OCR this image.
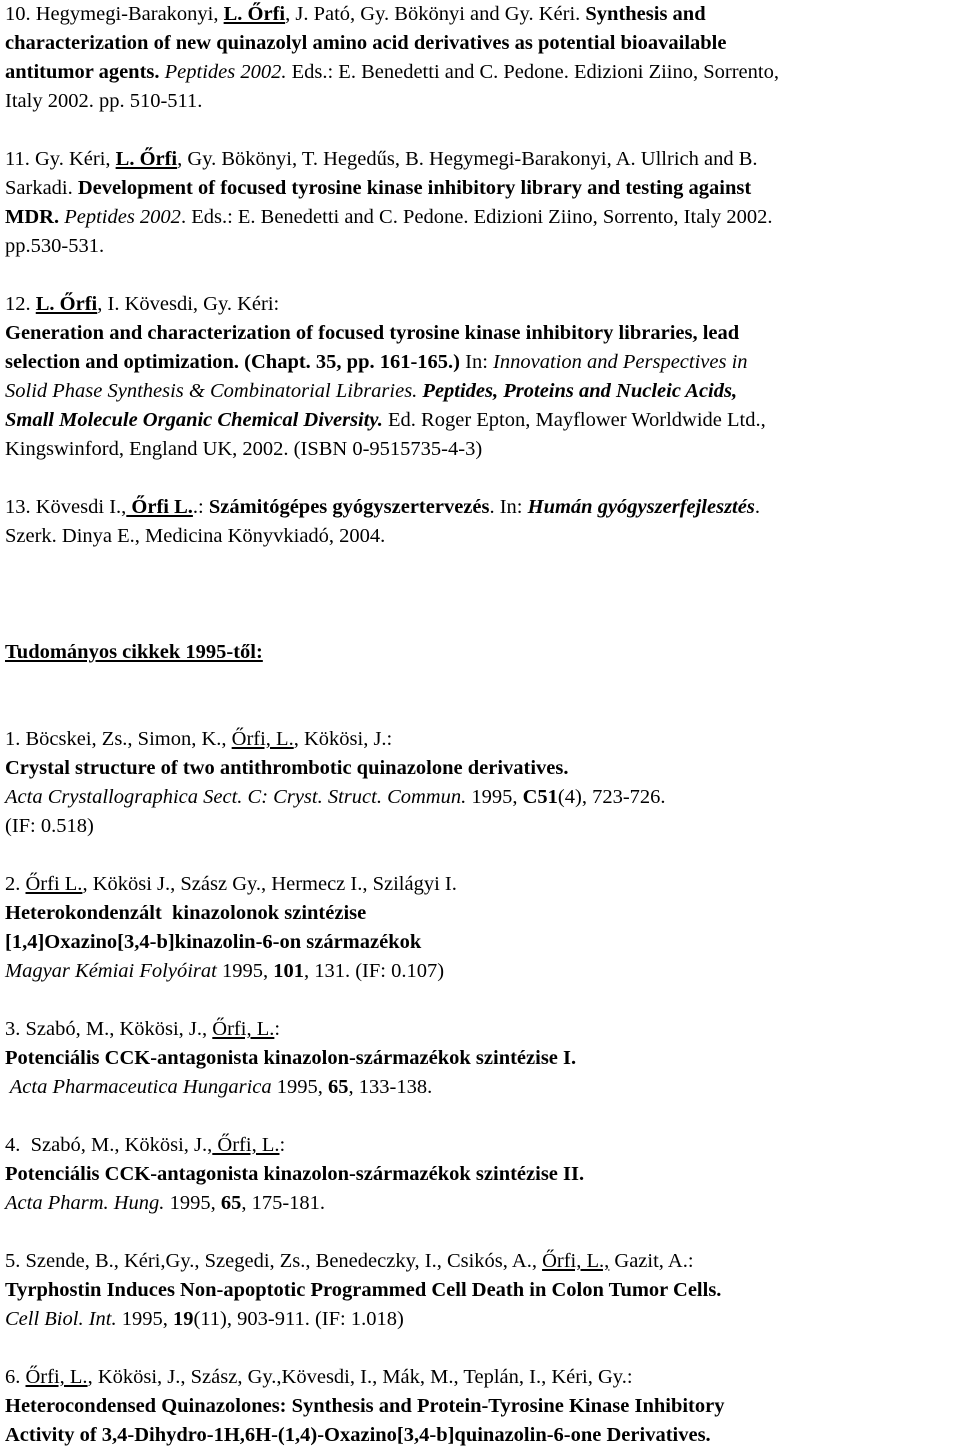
10. Hegymegi-Barakonyi, L. Őrfi, J. Pató, Gy. Bökönyi and Gy. Kéri. Synthesis and
characterization of new quinazolyl amino acid derivatives as potential bioavailable
antitumor agents. Peptides 2002. Eds.: E. Benedetti and C. Pedone. Edizioni Ziino, Sorrento,
Italy 2002. pp. 510-511.
11. Gy. Kéri, L. Őrfi, Gy. Bökönyi, T. Hegedűs, B. Hegymegi-Barakonyi, A. Ullrich and B.
Sarkadi. Development of focused tyrosine kinase inhibitory library and testing against
MDR. Peptides 2002. Eds.: E. Benedetti and C. Pedone. Edizioni Ziino, Sorrento, Italy 2002.
pp.530-531.
12. L. Őrfi, I. Kövesdi, Gy. Kéri:
Generation and characterization of focused tyrosine kinase inhibitory libraries, lead
selection and optimization. (Chapt. 35, pp. 161-165.) In: Innovation and Perspectives in
Solid Phase Synthesis & Combinatorial Libraries. Peptides, Proteins and Nucleic Acids,
Small Molecule Organic Chemical Diversity. Ed. Roger Epton, Mayflower Worldwide Ltd.,
Kingswinford, England UK, 2002. (ISBN 0-9515735-4-3)
13. Kövesdi I., Őrfi L..: Számitógépes gyógyszertervezés. In: Humán gyógyszerfejlesztés.
Szerk. Dinya E., Medicina Könyvkiadó, 2004.
Tudományos cikkek 1995-től:
1. Böcskei, Zs., Simon, K., Őrfi, L., Kökösi, J.:
Crystal structure of two antithrombotic quinazolone derivatives.
Acta Crystallographica Sect. C: Cryst. Struct. Commun. 1995, C51(4), 723-726.
(IF: 0.518)
2. Őrfi L., Kökösi J., Szász Gy., Hermecz I., Szilágyi I.
Heterokondenzált  kinazolonok szintézise
[1,4]Oxazino[3,4-b]kinazolin-6-on származékok
Magyar Kémiai Folyóirat 1995, 101, 131. (IF: 0.107)
3. Szabó, M., Kökösi, J., Őrfi, L.:
Potenciális CCK-antagonista kinazolon-származékok szintézise I.
Acta Pharmaceutica Hungarica 1995, 65, 133-138.
4.  Szabó, M., Kökösi, J., Őrfi, L.:
Potenciális CCK-antagonista kinazolon-származékok szintézise II.
Acta Pharm. Hung. 1995, 65, 175-181.
5. Szende, B., Kéri,Gy., Szegedi, Zs., Benedeczky, I., Csikós, A., Őrfi, L., Gazit, A.:
Tyrphostin Induces Non-apoptotic Programmed Cell Death in Colon Tumor Cells.
Cell Biol. Int. 1995, 19(11), 903-911. (IF: 1.018)
6. Őrfi, L., Kökösi, J., Szász, Gy.,Kövesdi, I., Mák, M., Teplán, I., Kéri, Gy.:
Heterocondensed Quinazolones: Synthesis and Protein-Tyrosine Kinase Inhibitory
Activity of 3,4-Dihydro-1H,6H-(1,4)-Oxazino[3,4-b]quinazolin-6-one Derivatives.
